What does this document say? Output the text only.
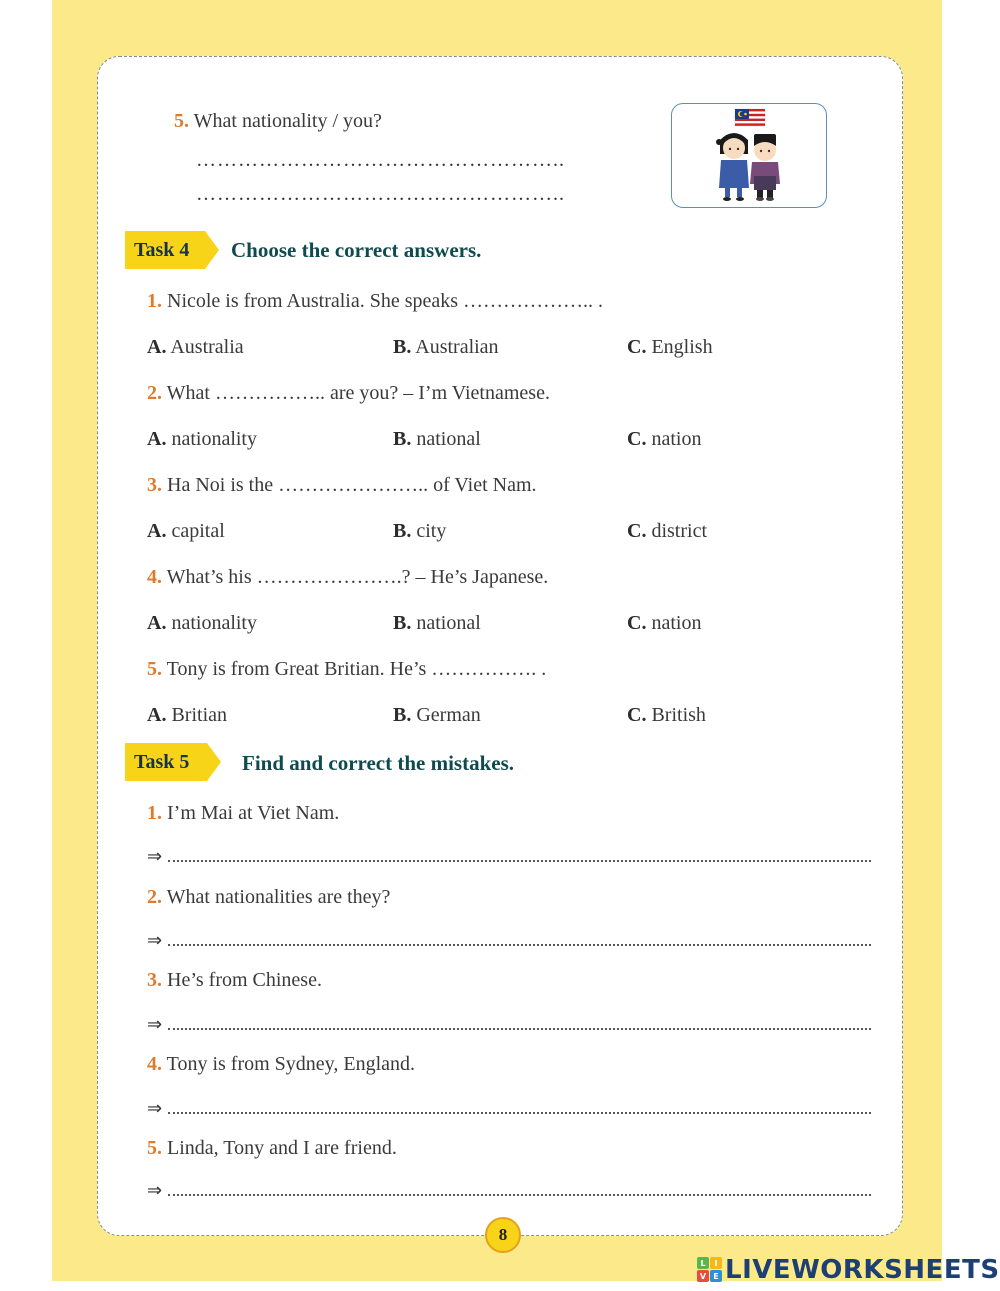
5. What nationality / you?
……………………………………………..
……………………………………………..
Task 4	Choose the correct answers.
1. Nicole is from Australia. She speaks ……………….. .
A. Australia	B. Australian	C. English
2. What …………….. are you? – I’m Vietnamese.
A. nationality	B. national	C. nation
3. Ha Noi is the ………………….. of Viet Nam.
A. capital	B. city	C. district
4. What’s his ………………….? – He’s Japanese.
A. nationality	B. national	C. nation
5. Tony is from Great Britian. He’s ……………. .
A. Britian	B. German	C. British
Task 5	Find and correct the mistakes.
1. I’m Mai at Viet Nam.
⇒
2. What nationalities are they?
⇒
3. He’s from Chinese.
⇒
4. Tony is from Sydney, England.
⇒
5. Linda, Tony and I are friend.
⇒
8
L I
V E LIVEWORKSHEETS
